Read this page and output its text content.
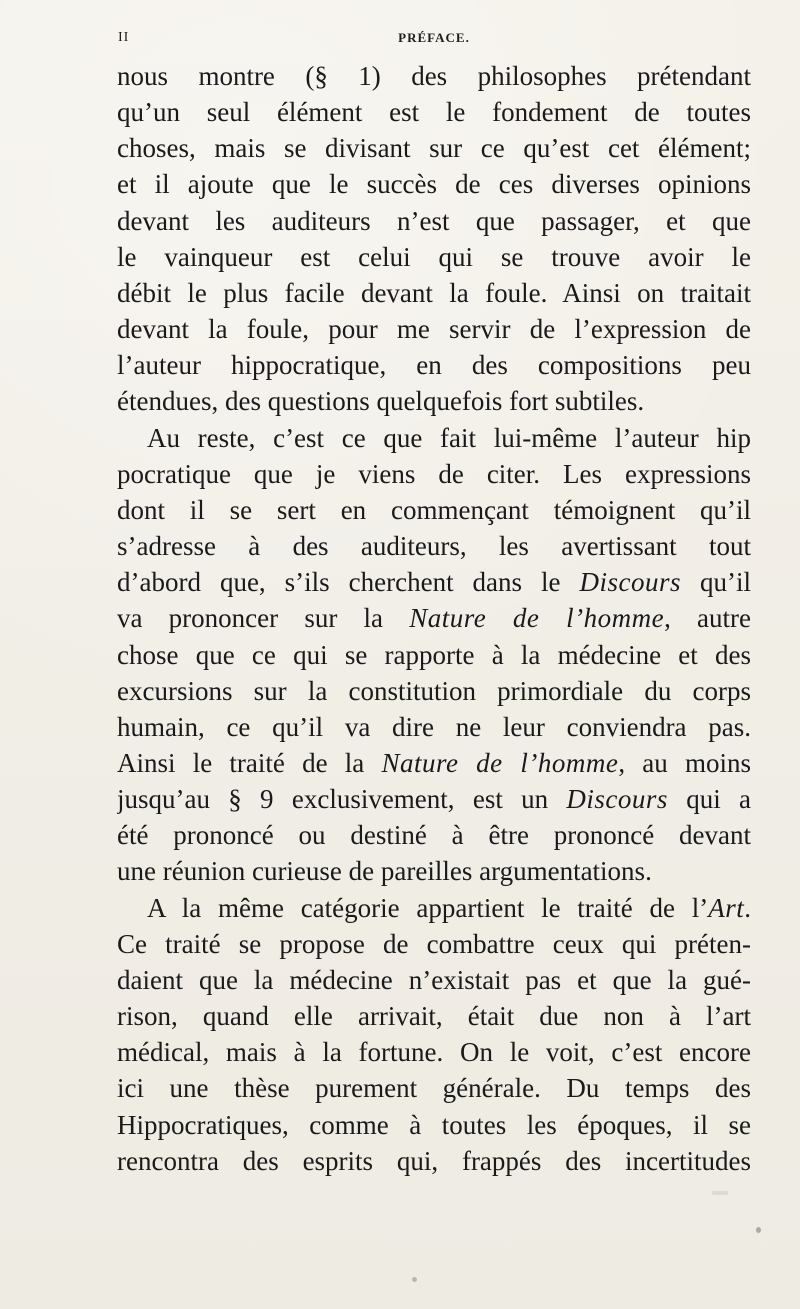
II	PRÉFACE.
nous montre (§ 1) des philosophes prétendant
qu’un seul élément est le fondement de toutes
choses, mais se divisant sur ce qu’est cet élément;
et il ajoute que le succès de ces diverses opinions
devant les auditeurs n’est que passager, et que
le vainqueur est celui qui se trouve avoir le
débit le plus facile devant la foule. Ainsi on traitait
devant la foule, pour me servir de l’expression de
l’auteur hippocratique, en des compositions peu
étendues, des questions quelquefois fort subtiles.
Au reste, c’est ce que fait lui-même l’auteur hip
pocratique que je viens de citer. Les expressions
dont il se sert en commençant témoignent qu’il
s’adresse à des auditeurs, les avertissant tout
d’abord que, s’ils cherchent dans le Discours qu’il
va prononcer sur la Nature de l’homme, autre
chose que ce qui se rapporte à la médecine et des
excursions sur la constitution primordiale du corps
humain, ce qu’il va dire ne leur conviendra pas.
Ainsi le traité de la Nature de l’homme, au moins
jusqu’au § 9 exclusivement, est un Discours qui a
été prononcé ou destiné à être prononcé devant
une réunion curieuse de pareilles argumentations.
A la même catégorie appartient le traité de l’Art.
Ce traité se propose de combattre ceux qui préten-
daient que la médecine n’existait pas et que la gué-
rison, quand elle arrivait, était due non à l’art
médical, mais à la fortune. On le voit, c’est encore
ici une thèse purement générale. Du temps des
Hippocratiques, comme à toutes les époques, il se
rencontra des esprits qui, frappés des incertitudes
